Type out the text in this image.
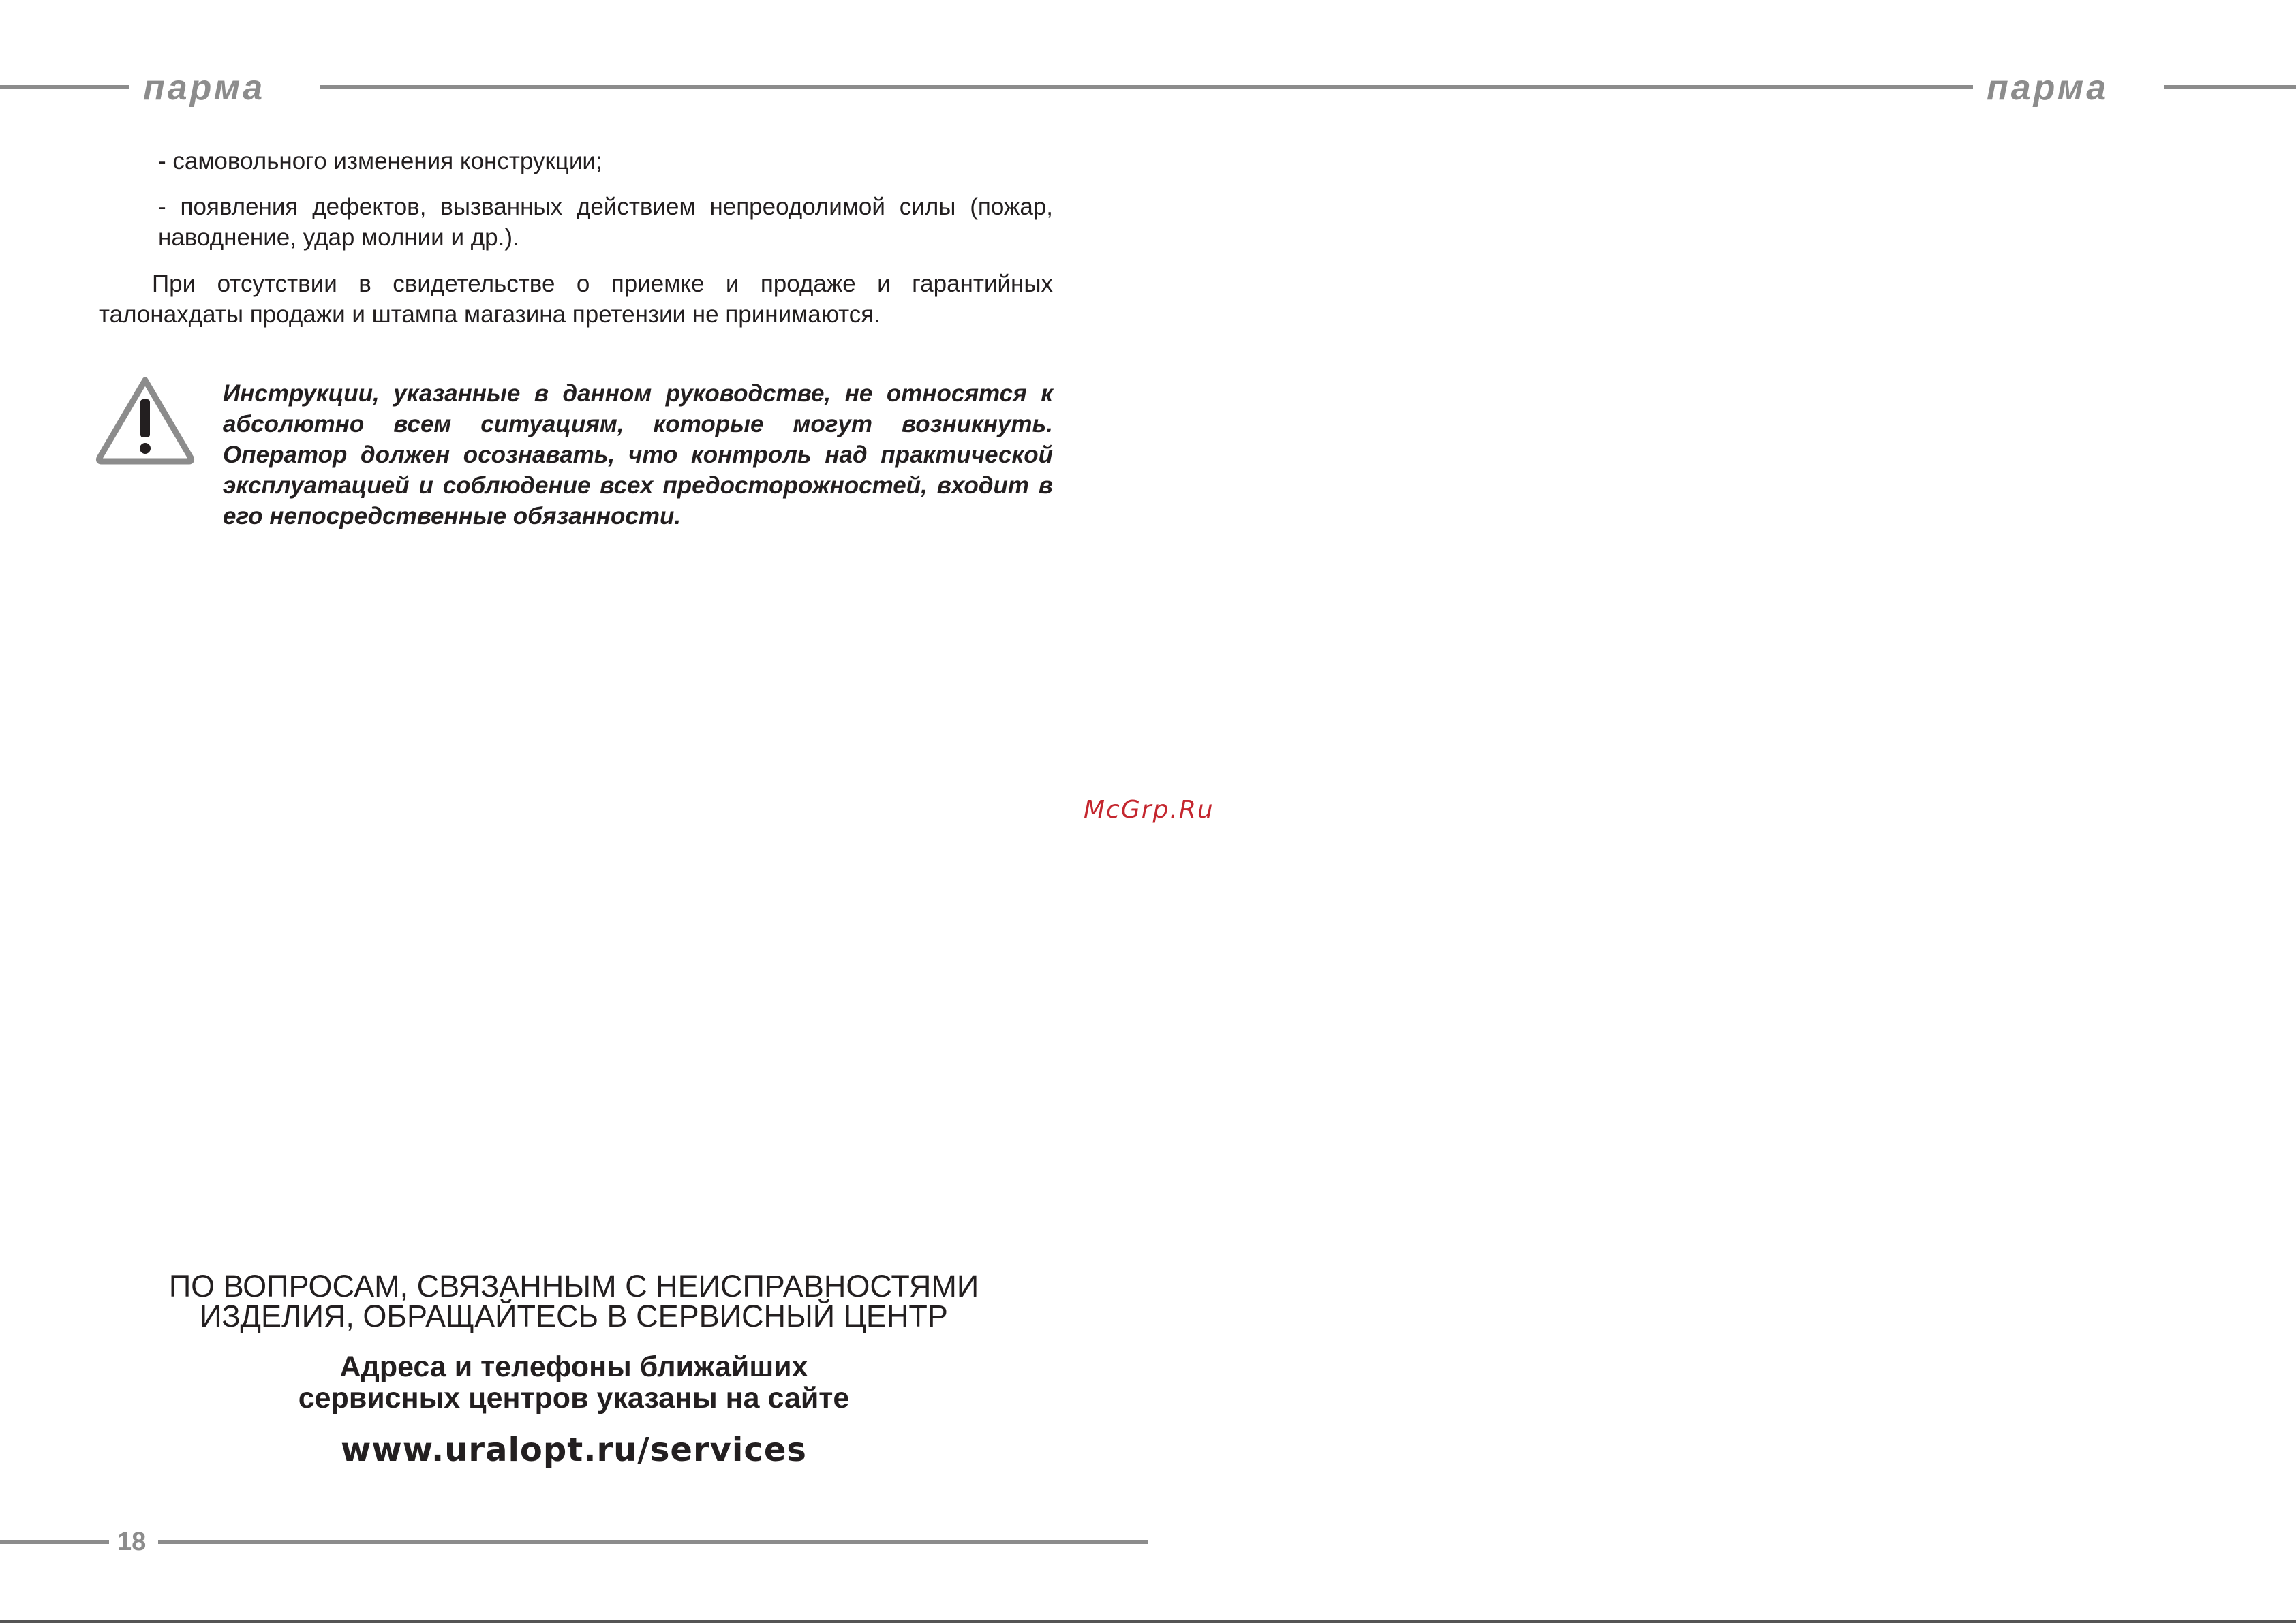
парма	парма
- самовольного изменения конструкции;
- появления дефектов, вызванных действием непреодолимой силы (пожар, наводнение, удар молнии и др.).
При отсутствии в свидетельстве о приемке и продаже и гарантийных талонахдаты продажи и штампа магазина претензии не принимаются.
Инструкции, указанные в данном руководстве, не относятся к абсолютно всем ситуациям, которые могут возникнуть. Оператор должен осознавать, что контроль над практической эксплуатацией и соблюдение всех предосторожностей, входит в его непосредственные обязанности.
ПО ВОПРОСАМ, СВЯЗАННЫМ С НЕИСПРАВНОСТЯМИ
ИЗДЕЛИЯ, ОБРАЩАЙТЕСЬ В СЕРВИСНЫЙ ЦЕНТР
Адреса и телефоны ближайших
сервисных центров указаны на сайте
www.uralopt.ru/services
18
McGrp.Ru
